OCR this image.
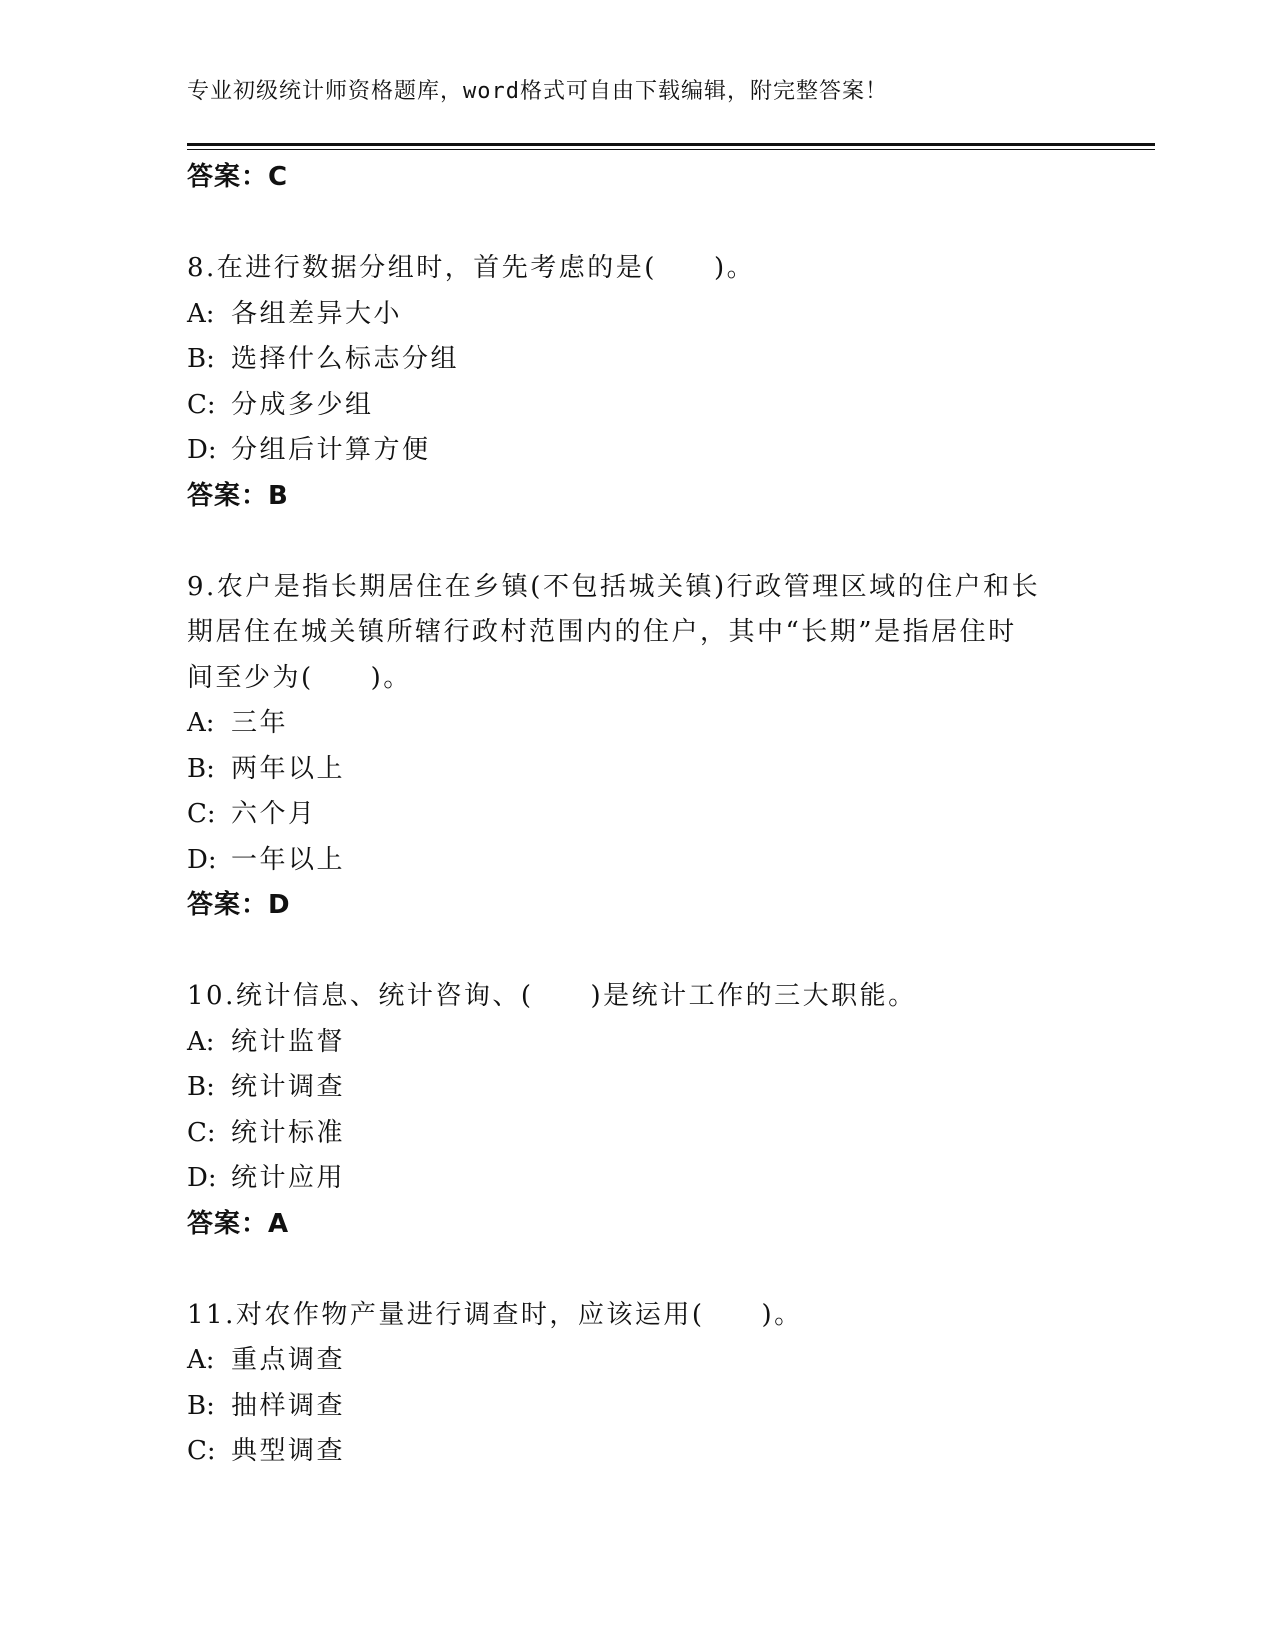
专业初级统计师资格题库，word格式可自由下载编辑，附完整答案！
答案：C
8.在进行数据分组时，首先考虑的是(　　)。
A: 各组差异大小
B: 选择什么标志分组
C: 分成多少组
D: 分组后计算方便
答案：B
9.农户是指长期居住在乡镇(不包括城关镇)行政管理区域的住户和长
期居住在城关镇所辖行政村范围内的住户，其中“长期”是指居住时
间至少为(　　)。
A: 三年
B: 两年以上
C: 六个月
D: 一年以上
答案：D
10.统计信息、统计咨询、(　　)是统计工作的三大职能。
A: 统计监督
B: 统计调查
C: 统计标准
D: 统计应用
答案：A
11.对农作物产量进行调查时，应该运用(　　)。
A: 重点调查
B: 抽样调查
C: 典型调查
